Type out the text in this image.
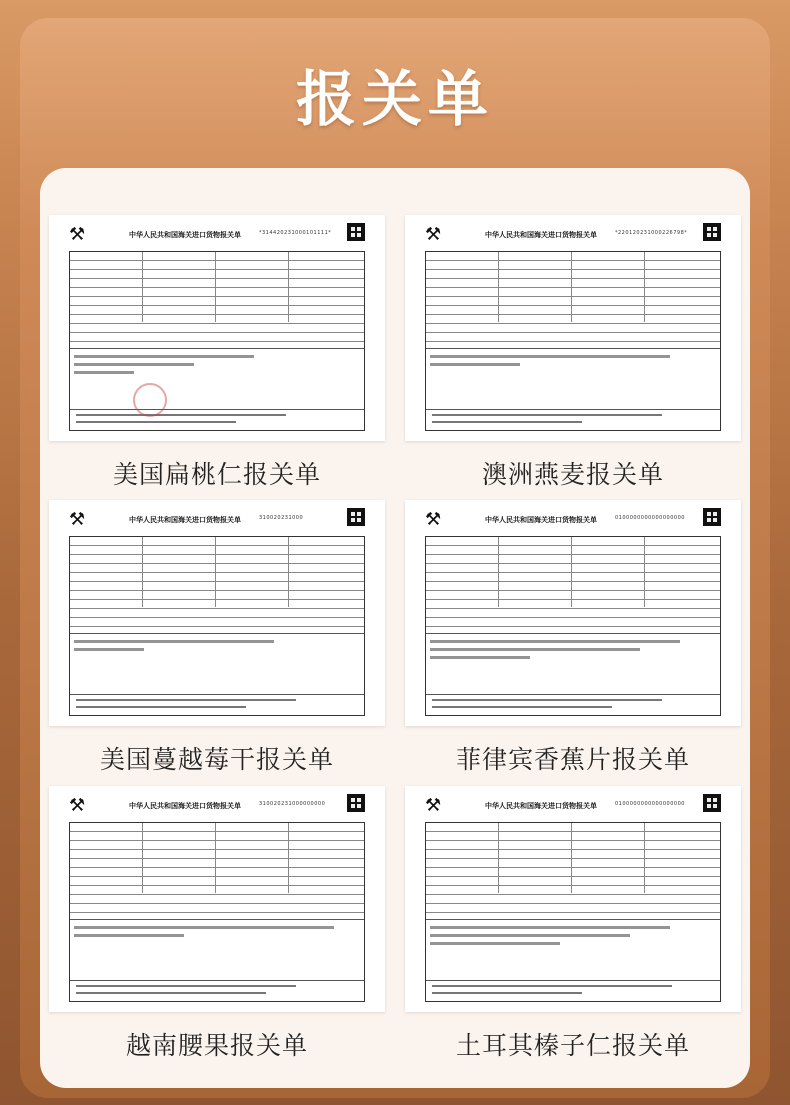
报关单
⚒	中华人民共和国海关进口货物报关单	*314420231000101111*
美国扁桃仁报关单
⚒	中华人民共和国海关进口货物报关单	*220120231000226798*
澳洲燕麦报关单
⚒	中华人民共和国海关进口货物报关单	310020231000
美国蔓越莓干报关单
⚒	中华人民共和国海关进口货物报关单	0100000000000000000
菲律宾香蕉片报关单
⚒	中华人民共和国海关进口货物报关单	310020231000000000
越南腰果报关单
⚒	中华人民共和国海关进口货物报关单	0100000000000000000
土耳其榛子仁报关单
